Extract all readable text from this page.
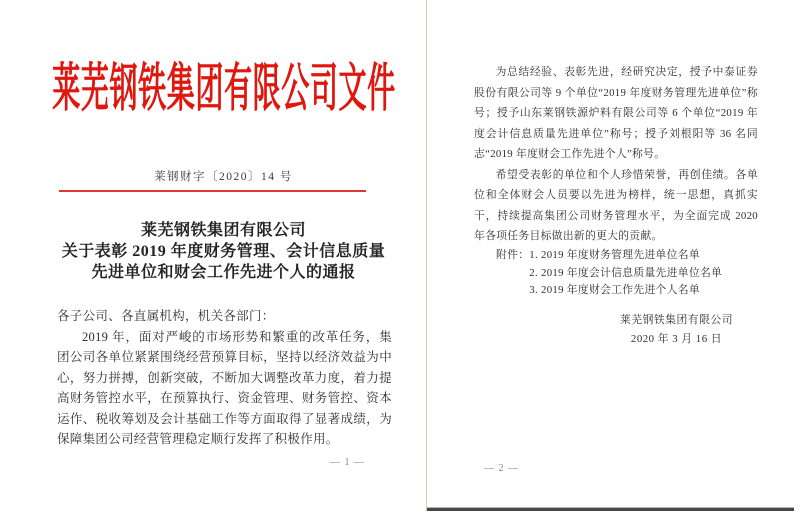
莱芜钢铁集团有限公司文件
莱钢财字〔2020〕14 号
莱芜钢铁集团有限公司
关于表彰 2019 年度财务管理、会计信息质量
先进单位和财会工作先进个人的通报

各子公司、各直属机构，机关各部门：

2019 年，面对严峻的市场形势和繁重的改革任务，集团公司各单位紧紧围绕经营预算目标，坚持以经济效益为中心，努力拼搏，创新突破，不断加大调整改革力度，着力提高财务管控水平，在预算执行、资金管理、财务管控、资本运作、税收筹划及会计基础工作等方面取得了显著成绩，为保障集团公司经营管理稳定顺行发挥了积极作用。

— 1 —

为总结经验、表彰先进，经研究决定，授予中泰证券股份有限公司等 9 个单位“2019 年度财务管理先进单位”称号；授予山东莱钢铁源炉料有限公司等 6 个单位“2019 年度会计信息质量先进单位”称号；授予刘根阳等 36 名同志“2019 年度财会工作先进个人”称号。

希望受表彰的单位和个人珍惜荣誉，再创佳绩。各单位和全体财会人员要以先进为榜样，统一思想，真抓实干，持续提高集团公司财务管理水平，为全面完成 2020 年各项任务目标做出新的更大的贡献。

附件： 1. 2019 年度财务管理先进单位名单
2. 2019 年度会计信息质量先进单位名单
3. 2019 年度财会工作先进个人名单
莱芜钢铁集团有限公司
2020 年 3 月 16 日
— 2 —
